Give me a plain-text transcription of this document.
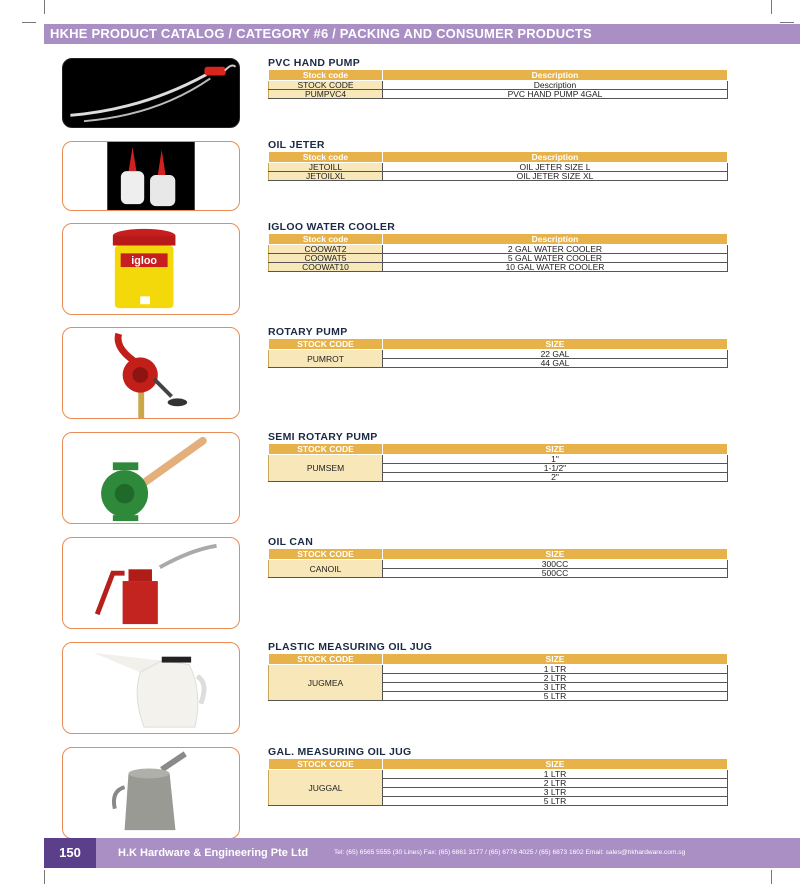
HKHE PRODUCT CATALOG / CATEGORY #6 / PACKING AND CONSUMER PRODUCTS
igloo
PVC HAND PUMP
Stock code	Description
STOCK CODE	Description
PUMPVC4	PVC HAND PUMP 4GAL
OIL JETER
Stock code	Description
JETOILL	OIL JETER SIZE L
JETOILXL	OIL JETER SIZE XL
IGLOO WATER COOLER
Stock code	Description
COOWAT2	2 GAL WATER COOLER
COOWAT5	5 GAL WATER COOLER
COOWAT10	10 GAL WATER COOLER
ROTARY PUMP
STOCK CODE	SIZE
PUMROT	22 GAL
	44 GAL
SEMI ROTARY PUMP
STOCK CODE	SIZE
PUMSEM	1"
	1-1/2"
	2"
OIL CAN
STOCK CODE	SIZE
CANOIL	300CC
	500CC
PLASTIC MEASURING OIL JUG
STOCK CODE	SIZE
JUGMEA	1 LTR
	2 LTR
	3 LTR
	5 LTR
GAL. MEASURING OIL JUG
STOCK CODE	SIZE
JUGGAL	1 LTR
	2 LTR
	3 LTR
	5 LTR
150	H.K Hardware & Engineering Pte Ltd	Tel: (65) 6565 5555 (30 Lines) Fax: (65) 6861 3177 / (65) 6778 4025 / (65) 6873 1602 Email: sales@hkhardware.com.sg
